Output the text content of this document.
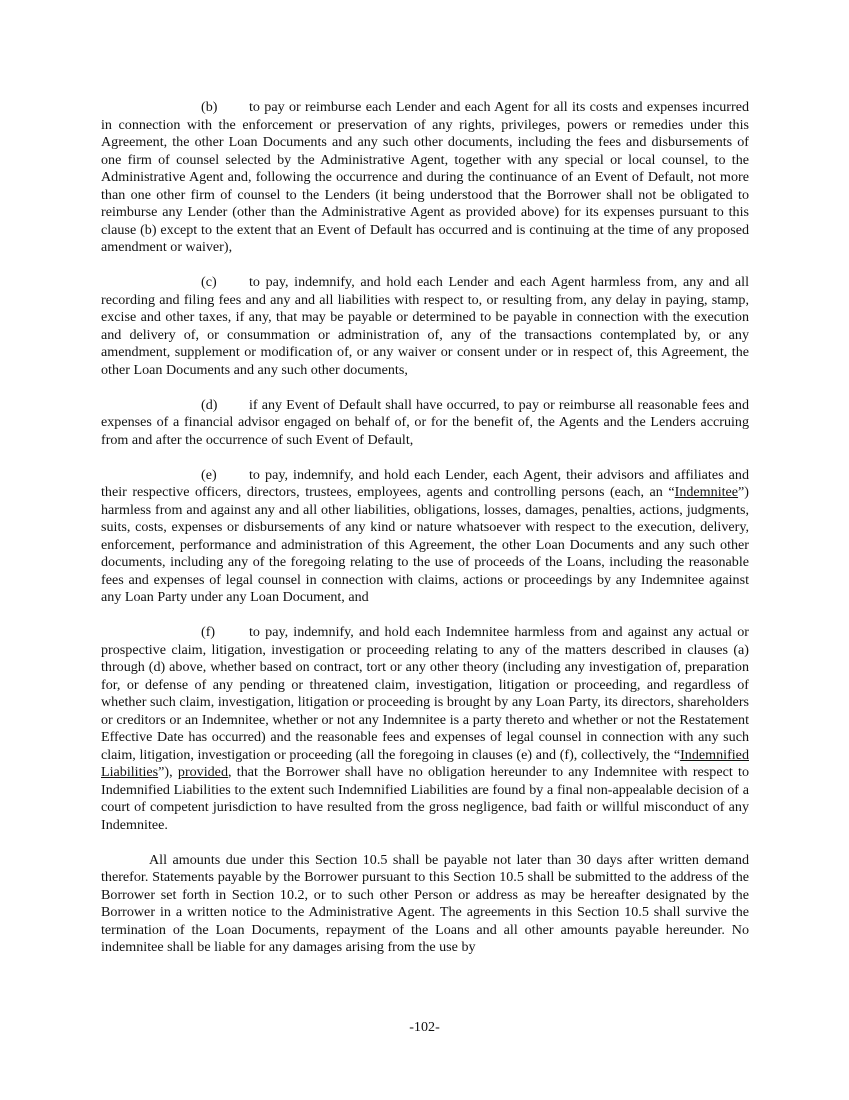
(b) to pay or reimburse each Lender and each Agent for all its costs and expenses incurred in connection with the enforcement or preservation of any rights, privileges, powers or remedies under this Agreement, the other Loan Documents and any such other documents, including the fees and disbursements of one firm of counsel selected by the Administrative Agent, together with any special or local counsel, to the Administrative Agent and, following the occurrence and during the continuance of an Event of Default, not more than one other firm of counsel to the Lenders (it being understood that the Borrower shall not be obligated to reimburse any Lender (other than the Administrative Agent as provided above) for its expenses pursuant to this clause (b) except to the extent that an Event of Default has occurred and is continuing at the time of any proposed amendment or waiver),

(c) to pay, indemnify, and hold each Lender and each Agent harmless from, any and all recording and filing fees and any and all liabilities with respect to, or resulting from, any delay in paying, stamp, excise and other taxes, if any, that may be payable or determined to be payable in connection with the execution and delivery of, or consummation or administration of, any of the transactions contemplated by, or any amendment, supplement or modification of, or any waiver or consent under or in respect of, this Agreement, the other Loan Documents and any such other documents,

(d) if any Event of Default shall have occurred, to pay or reimburse all reasonable fees and expenses of a financial advisor engaged on behalf of, or for the benefit of, the Agents and the Lenders accruing from and after the occurrence of such Event of Default,

(e) to pay, indemnify, and hold each Lender, each Agent, their advisors and affiliates and their respective officers, directors, trustees, employees, agents and controlling persons (each, an “Indemnitee”) harmless from and against any and all other liabilities, obligations, losses, damages, penalties, actions, judgments, suits, costs, expenses or disbursements of any kind or nature whatsoever with respect to the execution, delivery, enforcement, performance and administration of this Agreement, the other Loan Documents and any such other documents, including any of the foregoing relating to the use of proceeds of the Loans, including the reasonable fees and expenses of legal counsel in connection with claims, actions or proceedings by any Indemnitee against any Loan Party under any Loan Document, and

(f) to pay, indemnify, and hold each Indemnitee harmless from and against any actual or prospective claim, litigation, investigation or proceeding relating to any of the matters described in clauses (a) through (d) above, whether based on contract, tort or any other theory (including any investigation of, preparation for, or defense of any pending or threatened claim, investigation, litigation or proceeding, and regardless of whether such claim, investigation, litigation or proceeding is brought by any Loan Party, its directors, shareholders or creditors or an Indemnitee, whether or not any Indemnitee is a party thereto and whether or not the Restatement Effective Date has occurred) and the reasonable fees and expenses of legal counsel in connection with any such claim, litigation, investigation or proceeding (all the foregoing in clauses (e) and (f), collectively, the “Indemnified Liabilities”), provided, that the Borrower shall have no obligation hereunder to any Indemnitee with respect to Indemnified Liabilities to the extent such Indemnified Liabilities are found by a final non-appealable decision of a court of competent jurisdiction to have resulted from the gross negligence, bad faith or willful misconduct of any Indemnitee.

All amounts due under this Section 10.5 shall be payable not later than 30 days after written demand therefor. Statements payable by the Borrower pursuant to this Section 10.5 shall be submitted to the address of the Borrower set forth in Section 10.2, or to such other Person or address as may be hereafter designated by the Borrower in a written notice to the Administrative Agent. The agreements in this Section 10.5 shall survive the termination of the Loan Documents, repayment of the Loans and all other amounts payable hereunder. No indemnitee shall be liable for any damages arising from the use by

-102-
